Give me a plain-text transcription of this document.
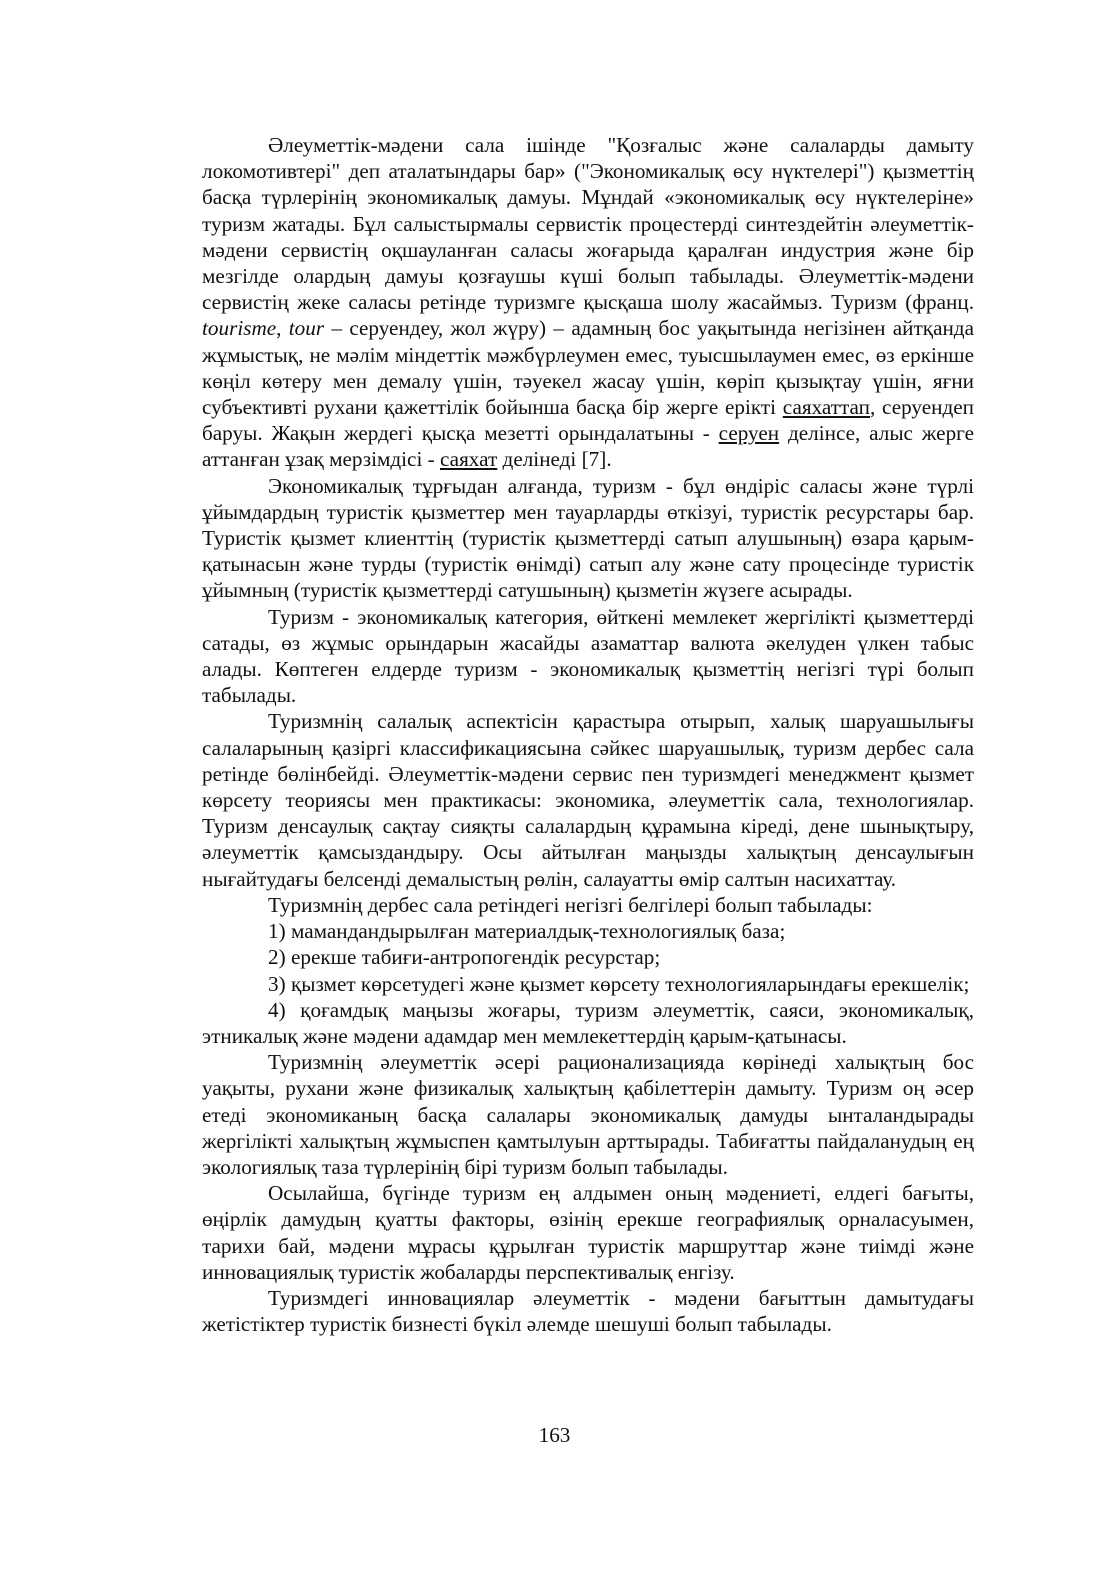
Әлеуметтік-мәдени сала ішінде "Қозғалыс және салаларды дамыту локомотивтері" деп аталатындары бар» ("Экономикалық өсу нүктелері") қызметтің басқа түрлерінің экономикалық дамуы. Мұндай «экономикалық өсу нүктелеріне» туризм жатады. Бұл салыстырмалы сервистік процестерді синтездейтін әлеуметтік-мәдени сервистің оқшауланған саласы жоғарыда қаралған индустрия және бір мезгілде олардың дамуы қозғаушы күші болып табылады. Әлеуметтік-мәдени сервистің жеке саласы ретінде туризмге қысқаша шолу жасаймыз. Туризм (франц. tourisme, tour – серуендеу, жол жүру) – адамның бос уақытында негізінен айтқанда жұмыстық, не мәлім міндеттік мәжбүрлеумен емес, туысшылаумен емес, өз еркінше көңіл көтеру мен демалу үшін, тәуекел жасау үшін, көріп қызықтау үшін, яғни субъективті рухани қажеттілік бойынша басқа бір жерге ерікті саяхаттап, серуендеп баруы. Жақын жердегі қысқа мезетті орындалатыны - серуен делінсе, алыс жерге аттанған ұзақ мерзімдісі - саяхат делінеді [7].

Экономикалық тұрғыдан алғанда, туризм - бұл өндіріс саласы және түрлі ұйымдардың туристік қызметтер мен тауарларды өткізуі, туристік ресурстары бар. Туристік қызмет клиенттің (туристік қызметтерді сатып алушының) өзара қарым-қатынасын және турды (туристік өнімді) сатып алу және сату процесінде туристік ұйымның (туристік қызметтерді сатушының) қызметін жүзеге асырады.

Туризм - экономикалық категория, өйткені мемлекет жергілікті қызметтерді сатады, өз жұмыс орындарын жасайды азаматтар валюта әкелуден үлкен табыс алады. Көптеген елдерде туризм - экономикалық қызметтің негізгі түрі болып табылады.

Туризмнің салалық аспектісін қарастыра отырып, халық шаруашылығы салаларының қазіргі классификациясына сәйкес шаруашылық, туризм дербес сала ретінде бөлінбейді. Әлеуметтік-мәдени сервис пен туризмдегі менеджмент қызмет көрсету теориясы мен практикасы: экономика, әлеуметтік сала, технологиялар. Туризм денсаулық сақтау сияқты салалардың құрамына кіреді, дене шынықтыру, әлеуметтік қамсыздандыру. Осы айтылған маңызды халықтың денсаулығын нығайтудағы белсенді демалыстың рөлін, салауатты өмір салтын насихаттау.

Туризмнің дербес сала ретіндегі негізгі белгілері болып табылады:

1) мамандандырылған материалдық-технологиялық база;

2) ерекше табиғи-антропогендік ресурстар;

3) қызмет көрсетудегі және қызмет көрсету технологияларындағы ерекшелік;

4) қоғамдық маңызы жоғары, туризм әлеуметтік, саяси, экономикалық, этникалық және мәдени адамдар мен мемлекеттердің қарым-қатынасы.

Туризмнің әлеуметтік әсері рационализацияда көрінеді халықтың бос уақыты, рухани және физикалық халықтың қабілеттерін дамыту. Туризм оң әсер етеді экономиканың басқа салалары экономикалық дамуды ынталандырады жергілікті халықтың жұмыспен қамтылуын арттырады. Табиғатты пайдаланудың ең экологиялық таза түрлерінің бірі туризм болып табылады.

Осылайша, бүгінде туризм ең алдымен оның мәдениеті, елдегі бағыты, өңірлік дамудың қуатты факторы, өзінің ерекше географиялық орналасуымен, тарихи бай, мәдени мұрасы құрылған туристік маршруттар және тиімді және инновациялық туристік жобаларды перспективалық енгізу.

Туризмдегі инновациялар әлеуметтік - мәдени бағыттын дамытудағы жетістіктер туристік бизнесті бүкіл әлемде шешуші болып табылады.

163
